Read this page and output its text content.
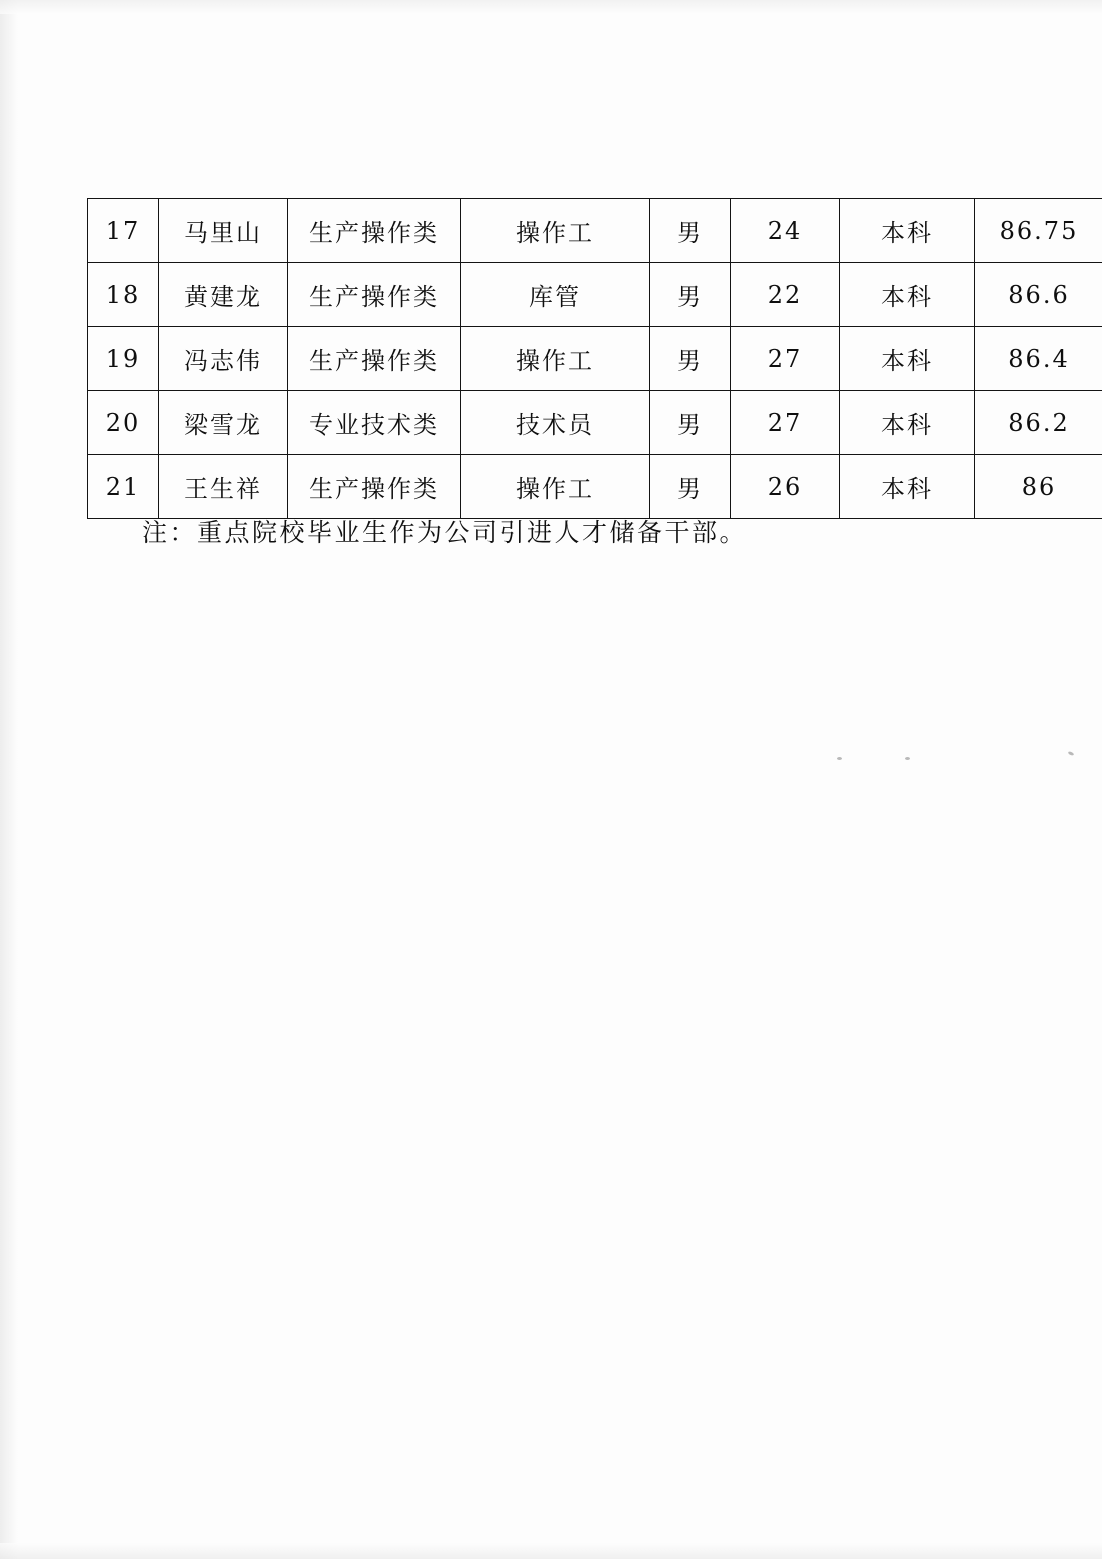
17	马里山	生产操作类	操作工	男	24	本科	86.75
18	黄建龙	生产操作类	库管	男	22	本科	86.6
19	冯志伟	生产操作类	操作工	男	27	本科	86.4
20	梁雪龙	专业技术类	技术员	男	27	本科	86.2
21	王生祥	生产操作类	操作工	男	26	本科	86
注：重点院校毕业生作为公司引进人才储备干部。
